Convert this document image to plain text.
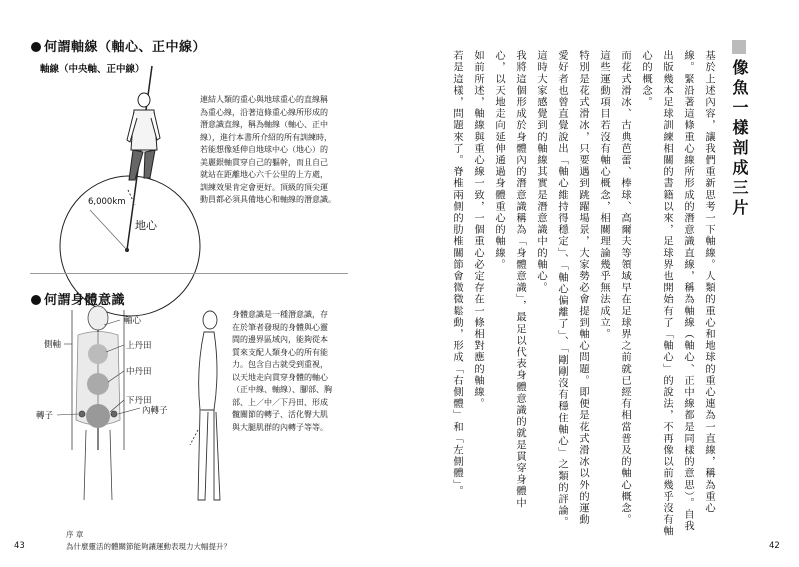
何謂軸線（軸心、正中線）
軸線（中央軸、正中線）
6,000km
地心
連結人類的重心與地球重心的直線稱
為重心線，沿著這條重心線所形成的
潛意識直線，稱為軸線（軸心、正中
線），進行本書所介紹的所有訓練時，
若能想像延伸自地球中心（地心）的
美麗銀軸貫穿自己的軀幹，而且自己
就站在距離地心六千公里的上方處，
訓練效果肯定會更好。頂級的頂尖運
動員都必須具備地心和軸線的潛意識。
何謂身體意識
軸心
側軸	上丹田
中丹田
下丹田
轉子	內轉子
身體意識是一種潛意識，存
在於筆者發現的身體與心靈
間的邊界區域內，能夠從本
質來支配人類身心的所有能
力。包含自古就受到重視，
以天地走向貫穿身體的軸心
（正中線、軸線）、腳部、胸
部、上／中／下丹田、形成
髖關節的轉子、活化臀大肌
與大腿肌群的內轉子等等。
43
序 章
為什麼靈活的體關節能夠讓運動表現力大幅提升？
像魚一樣剖成三片
基於上述內容，讓我們重新思考一下軸線。人類的重心和地球的重心連為一直線，稱為重心
線。緊沿著這條重心線所形成的潛意識直線，稱為軸線（軸心、正中線都是同樣的意思）。自我
出版幾本足球訓練相關的書籍以來，足球界也開始有了「軸心」的說法，不再像以前幾乎沒有軸
心的概念。
而花式滑冰、古典芭蕾、棒球、高爾夫等領域早在足球界之前就已經有相當普及的軸心概念。
這些運動項目若沒有軸心概念，相關理論幾乎無法成立。
特別是花式滑冰，只要遇到跳躍場景，大家勢必會提到軸心問題。即便是花式滑冰以外的運動
愛好者也曾直覺說出「軸心維持得穩定」、「軸心偏離了」、「剛剛沒有穩住軸心」之類的評論。
這時大家感覺到的軸線其實是潛意識中的軸心。
我將這個形成於身體內的潛意識稱為「身體意識」，最足以代表身體意識的就是貫穿身體中
心，以天地走向延伸通過身體重心的軸線。
如前所述，軸線與重心線一致，一個重心必定存在一條相對應的軸線。
若是這樣，問題來了。脊椎兩側的肋椎關節會微微鬆動，形成「右側體」和「左側體」。
42
